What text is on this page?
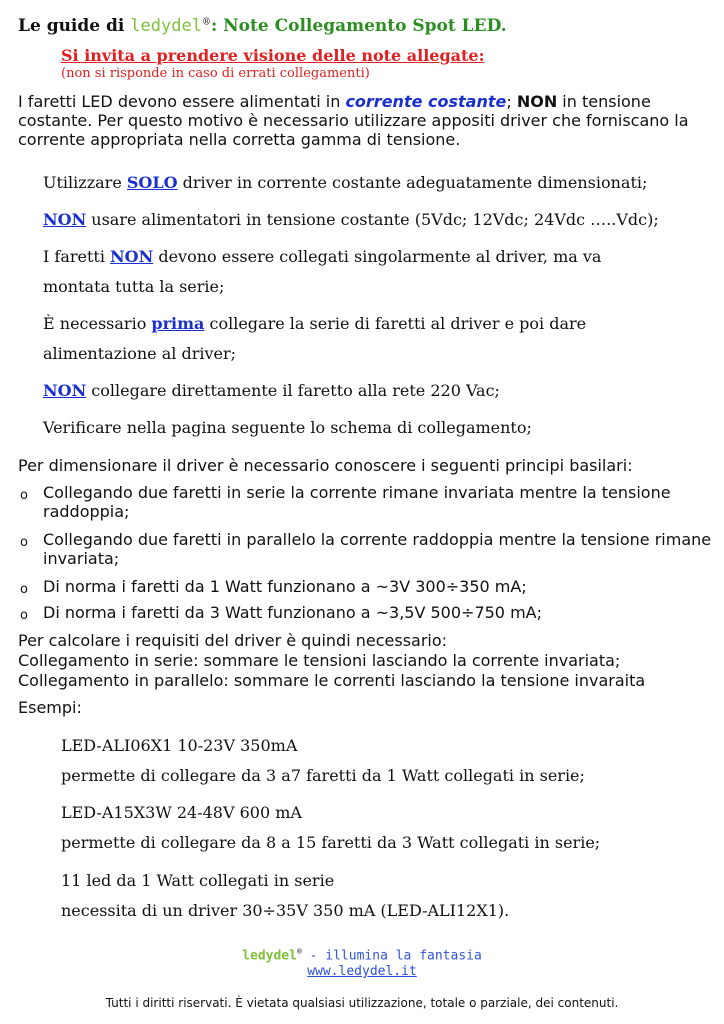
Le guide di ledydel®: Note Collegamento Spot LED.
Si invita a prendere visione delle note allegate:
(non si risponde in caso di errati collegamenti)
I faretti LED devono essere alimentati in corrente costante; NON in tensione costante. Per questo motivo è necessario utilizzare appositi driver che forniscano la corrente appropriata nella corretta gamma di tensione.
Utilizzare SOLO driver in corrente costante adeguatamente dimensionati;
NON usare alimentatori in tensione costante (5Vdc; 12Vdc; 24Vdc …..Vdc);
I faretti NON devono essere collegati singolarmente al driver, ma va
montata tutta la serie;
È necessario prima collegare la serie di faretti al driver e poi dare
alimentazione al driver;
NON collegare direttamente il faretto alla rete 220 Vac;
Verificare nella pagina seguente lo schema di collegamento;
Per dimensionare il driver è necessario conoscere i seguenti principi basilari:
o Collegando due faretti in serie la corrente rimane invariata mentre la tensione raddoppia;
o Collegando due faretti in parallelo la corrente raddoppia mentre la tensione rimane invariata;
o Di norma i faretti da 1 Watt funzionano a ~3V 300÷350 mA;
o Di norma i faretti da 3 Watt funzionano a ~3,5V 500÷750 mA;
Per calcolare i requisiti del driver è quindi necessario:
Collegamento in serie: sommare le tensioni lasciando la corrente invariata;
Collegamento in parallelo: sommare le correnti lasciando la tensione invaraita
Esempi:
LED-ALI06X1 10-23V 350mA
permette di collegare da 3 a7 faretti da 1 Watt collegati in serie;
LED-A15X3W 24-48V 600 mA
permette di collegare da 8 a 15 faretti da 3 Watt collegati in serie;
11 led da 1 Watt collegati in serie
necessita di un driver 30÷35V 350 mA (LED-ALI12X1).
ledydel® - illumina la fantasia
www.ledydel.it
Tutti i diritti riservati. È vietata qualsiasi utilizzazione, totale o parziale, dei contenuti.
